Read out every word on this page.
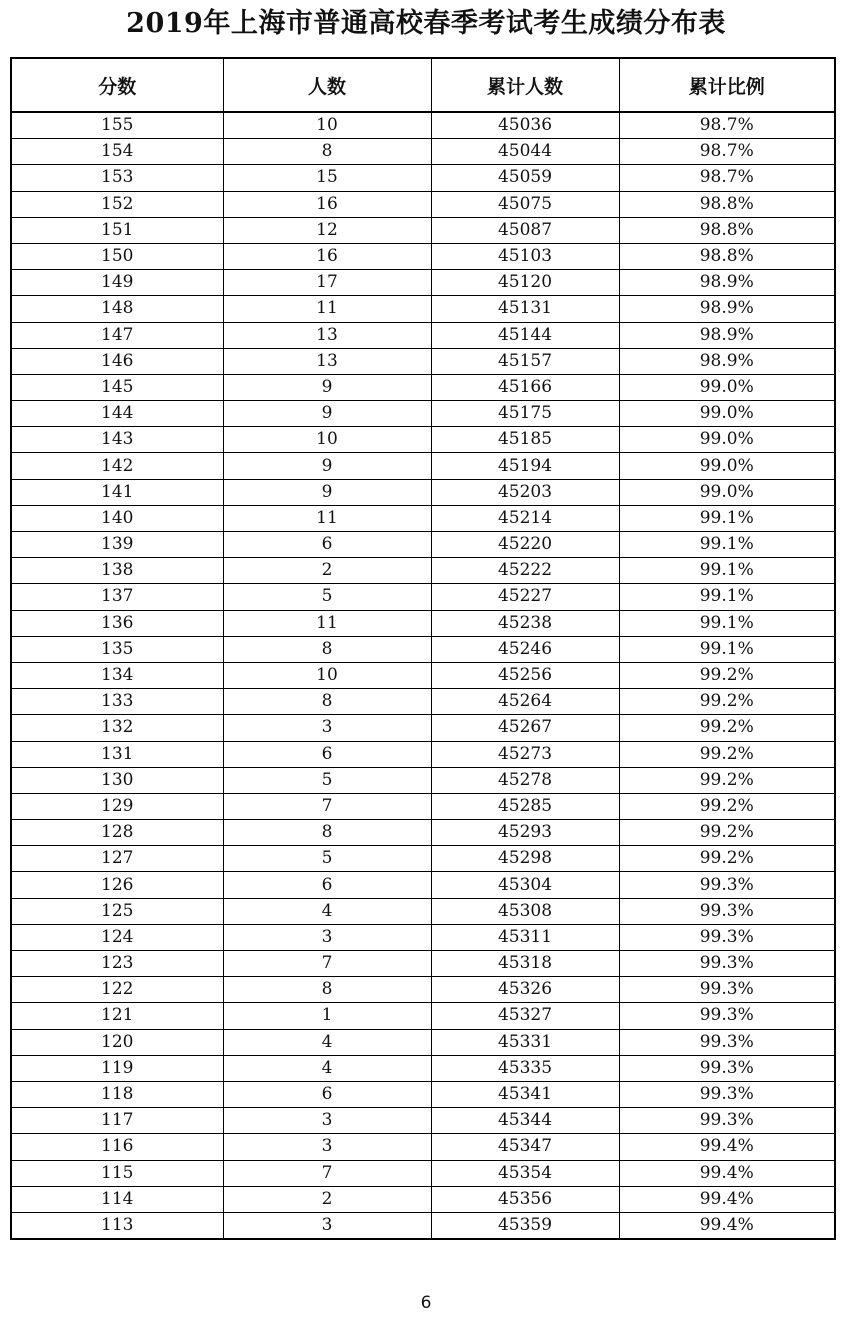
2019年上海市普通高校春季考试考生成绩分布表
分数	人数	累计人数	累计比例
155	10	45036	98.7%
154	8	45044	98.7%
153	15	45059	98.7%
152	16	45075	98.8%
151	12	45087	98.8%
150	16	45103	98.8%
149	17	45120	98.9%
148	11	45131	98.9%
147	13	45144	98.9%
146	13	45157	98.9%
145	9	45166	99.0%
144	9	45175	99.0%
143	10	45185	99.0%
142	9	45194	99.0%
141	9	45203	99.0%
140	11	45214	99.1%
139	6	45220	99.1%
138	2	45222	99.1%
137	5	45227	99.1%
136	11	45238	99.1%
135	8	45246	99.1%
134	10	45256	99.2%
133	8	45264	99.2%
132	3	45267	99.2%
131	6	45273	99.2%
130	5	45278	99.2%
129	7	45285	99.2%
128	8	45293	99.2%
127	5	45298	99.2%
126	6	45304	99.3%
125	4	45308	99.3%
124	3	45311	99.3%
123	7	45318	99.3%
122	8	45326	99.3%
121	1	45327	99.3%
120	4	45331	99.3%
119	4	45335	99.3%
118	6	45341	99.3%
117	3	45344	99.3%
116	3	45347	99.4%
115	7	45354	99.4%
114	2	45356	99.4%
113	3	45359	99.4%
6
